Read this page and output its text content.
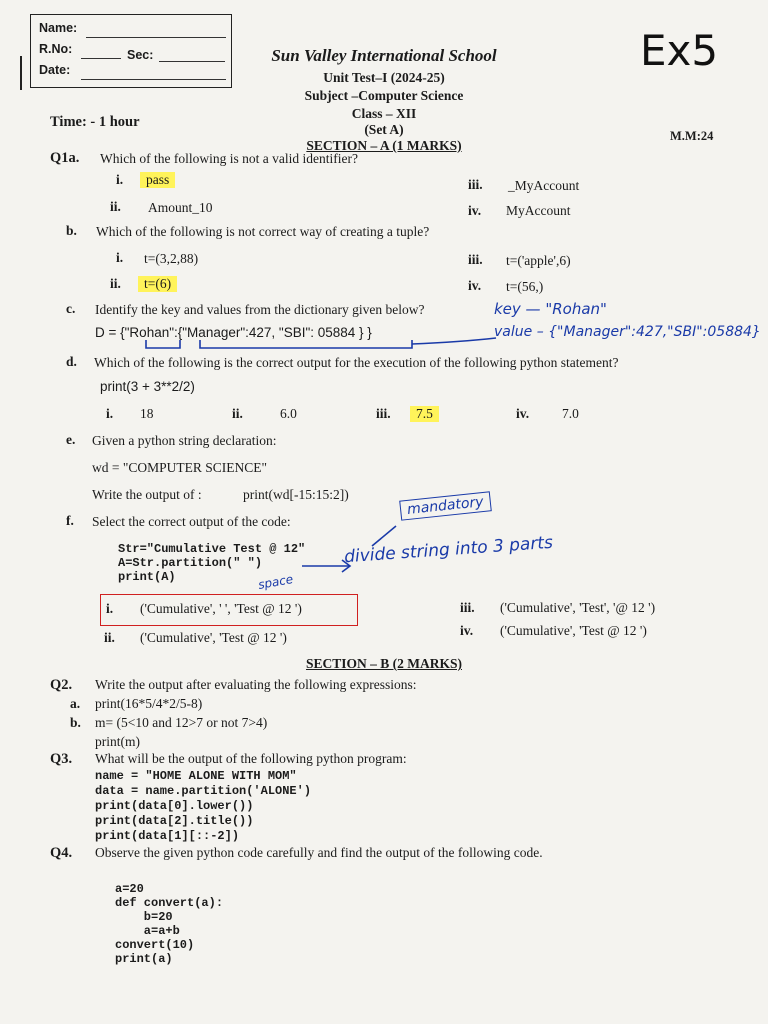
Name:
R.No:	Sec:
Date:
Sun Valley International School
Unit Test–I (2024-25)
Subject –Computer Science
Class – XII
(Set A)
Time: - 1 hour
M.M:24
Ex5
SECTION – A (1 MARKS)
Q1a. Which of the following is not a valid identifier?
i.	pass
ii. Amount_10
iii. _MyAccount
iv. MyAccount
b. Which of the following is not correct way of creating a tuple?
i. t=(3,2,88)
ii.	t=(6)
iii. t=('apple',6)
iv. t=(56,)
c. Identify the key and values from the dictionary given below?
D = {"Rohan":{"Manager":427, "SBI": 05884 } }
key — "Rohan"
value – {"Manager":427,"SBI":05884}
d. Which of the following is the correct output for the execution of the following python statement?
print(3 + 3**2/2)
i. 18	ii.	6.0	iii.	7.5	iv. 7.0
e. Given a python string declaration:
wd = "COMPUTER SCIENCE"
Write the output of :	print(wd[-15:15:2])
f. Select the correct output of the code:
Str="Cumulative Test @ 12"
A=Str.partition(" ")
print(A)
mandatory
divide string into 3 parts
space
i. ('Cumulative', ' ', 'Test @ 12 ')
ii. ('Cumulative', 'Test @ 12 ')
iii. ('Cumulative', 'Test', '@ 12 ')
iv. ('Cumulative', 'Test @ 12 ')
SECTION – B (2 MARKS)
Q2. Write the output after evaluating the following expressions:
a. print(16*5/4*2/5-8)
b. m= (5<10 and 12>7 or not 7>4)
print(m)
Q3. What will be the output of the following python program:
name = "HOME ALONE WITH MOM"
data = name.partition('ALONE')
print(data[0].lower())
print(data[2].title())
print(data[1][::-2])
Q4. Observe the given python code carefully and find the output of the following code.
a=20
def convert(a):
b=20
a=a+b
convert(10)
print(a)
